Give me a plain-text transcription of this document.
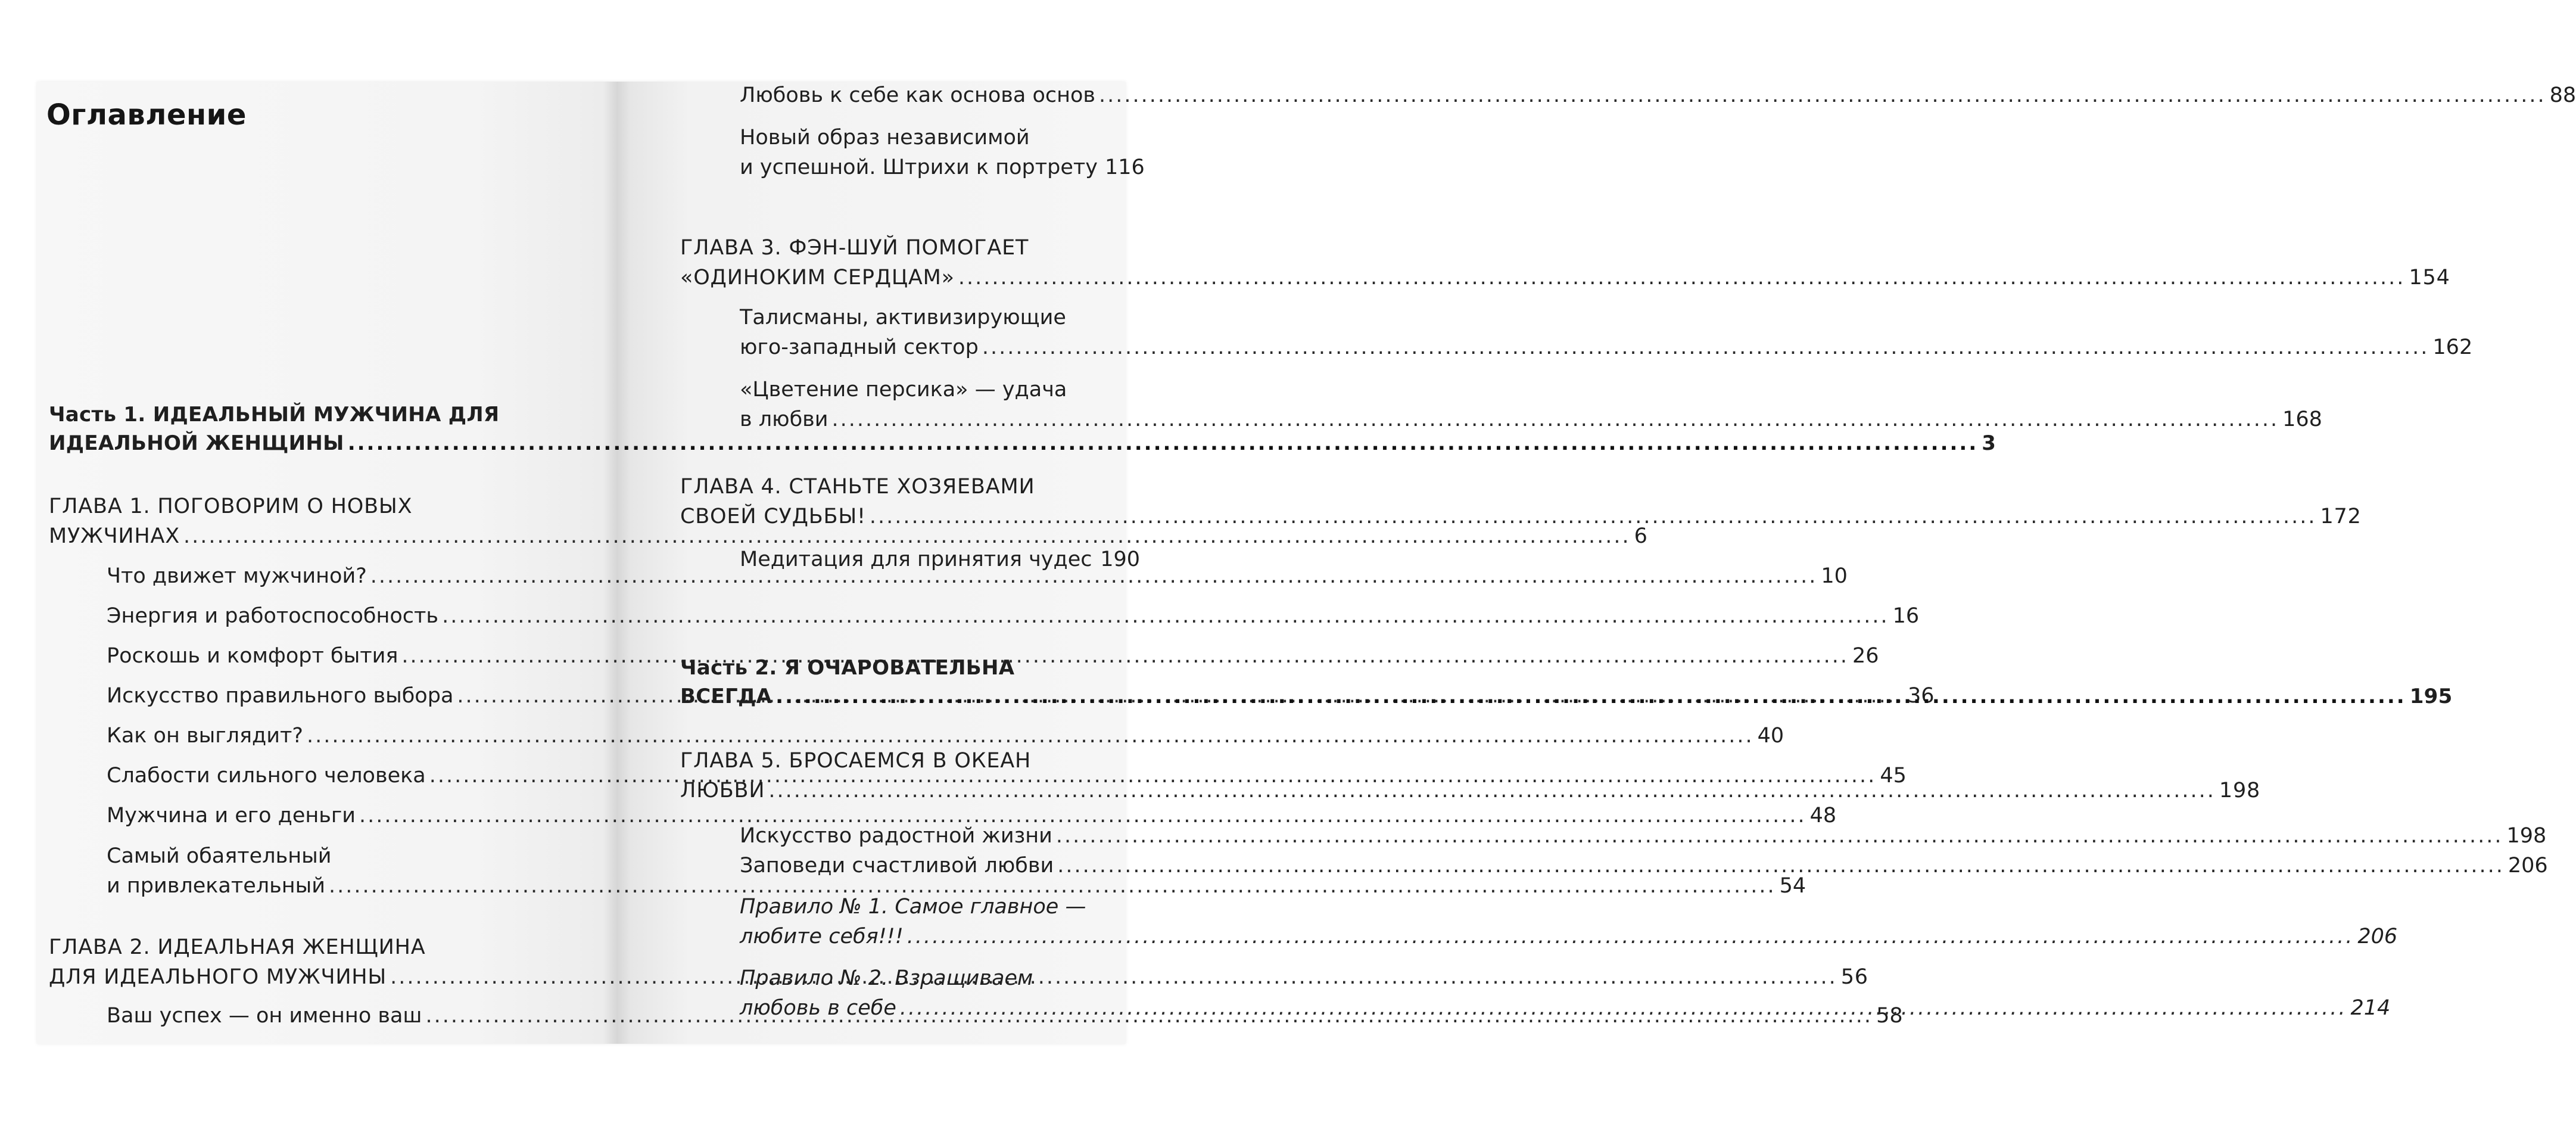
Оглавление
Часть 1. ИДЕАЛЬНЫЙ МУЖЧИНА ДЛЯ
ИДЕАЛЬНОЙ ЖЕНЩИНЫ .....	3
ГЛАВА 1. ПОГОВОРИМ О НОВЫХ
МУЖЧИНАХ .....	6
Что движет мужчиной? .....	10
Энергия и работоспособность .....	16
Роскошь и комфорт бытия .....	26
Искусство правильного выбора .....	36
Как он выглядит? .....	40
Слабости сильного человека .....	45
Мужчина и его деньги .....	48
Самый обаятельный
и привлекательный .....	54
ГЛАВА 2. ИДЕАЛЬНАЯ ЖЕНЩИНА
ДЛЯ ИДЕАЛЬНОГО МУЖЧИНЫ .....	56
Ваш успех — он именно ваш .....	58
Любовь к себе как основа основ .....	88
Новый образ независимой
и успешной. Штрихи к портрету 116
ГЛАВА 3. ФЭН-ШУЙ ПОМОГАЕТ
«ОДИНОКИМ СЕРДЦАМ» .....	154
Талисманы, активизирующие
юго-западный сектор .....	162
«Цветение персика» — удача
в любви .....	168
ГЛАВА 4. СТАНЬТЕ ХОЗЯЕВАМИ
СВОЕЙ СУДЬБЫ! .....	172
Медитация для принятия чудес ..... 190
Часть 2. Я ОЧАРОВАТЕЛЬНА
ВСЕГДА .....	195
ГЛАВА 5. БРОСАЕМСЯ В ОКЕАН
ЛЮБВИ .....	198
Искусство радостной жизни .....	198
Заповеди счастливой любви .....	206
Правило № 1. Самое главное —
любите себя!!! .....	206
Правило № 2. Взращиваем
любовь в себе .....	214
